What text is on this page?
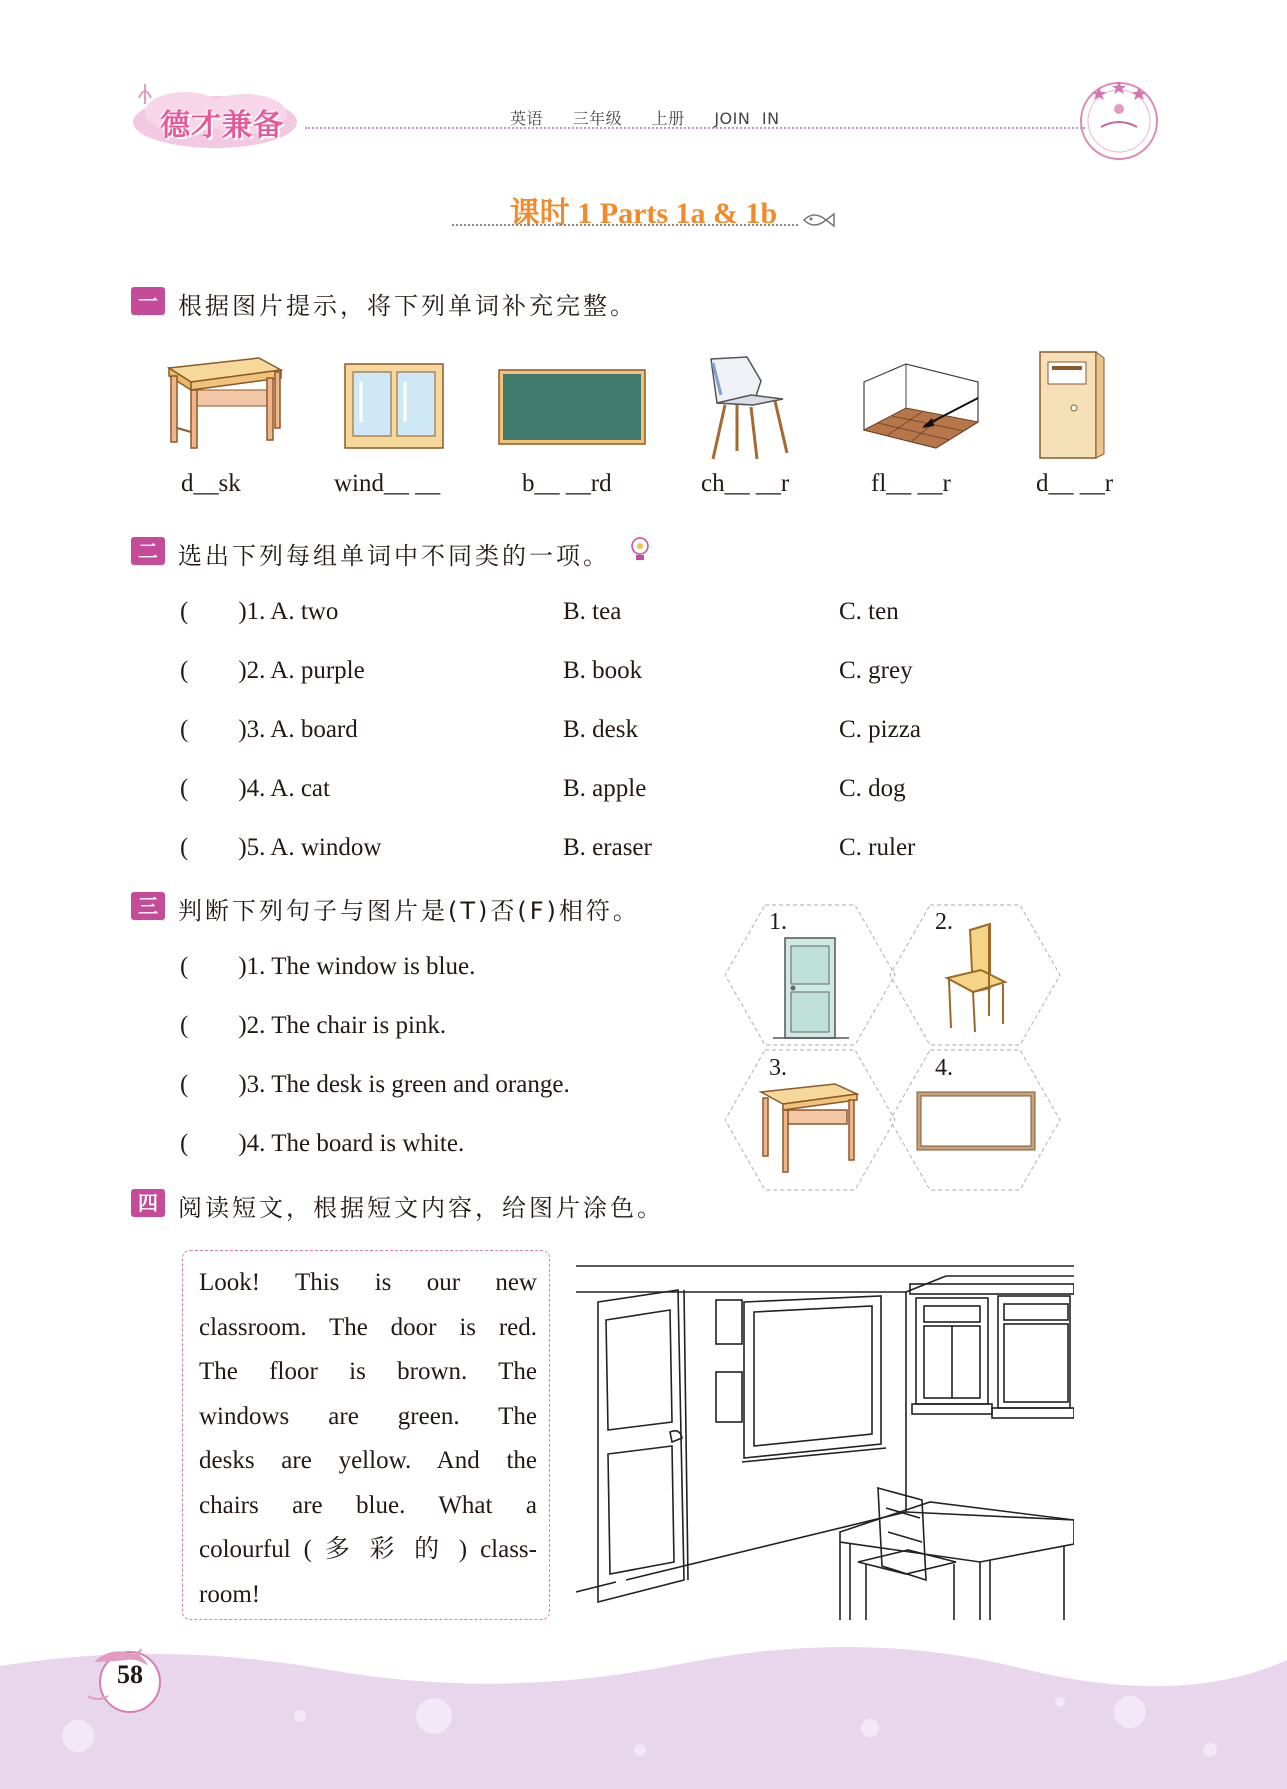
德才兼备	英语 三年级 上册 JOIN IN
课时 1 Parts 1a & 1b
一 根据图片提示，将下列单词补充完整。
d__sk	wind__ __	b__ __rd	ch__ __r	fl__ __r	d__ __r
二 选出下列每组单词中不同类的一项。
(        )1. A. two	B. tea	C. ten
(        )2. A. purple	B. book	C. grey
(        )3. A. board	B. desk	C. pizza
(        )4. A. cat	B. apple	C. dog
(        )5. A. window	B. eraser	C. ruler
三 判断下列句子与图片是(T)否(F)相符。
(        )1. The window is blue.
(        )2. The chair is pink.
(        )3. The desk is green and orange.
(        )4. The board is white.
1.	2.
3.	4.
四 阅读短文，根据短文内容，给图片涂色。

Look! This is our new

classroom. The door is red.

The floor is brown. The

windows are green. The

desks are yellow. And the

chairs are blue. What a

colourful ( 多 彩 的 ) class-

room!

58
